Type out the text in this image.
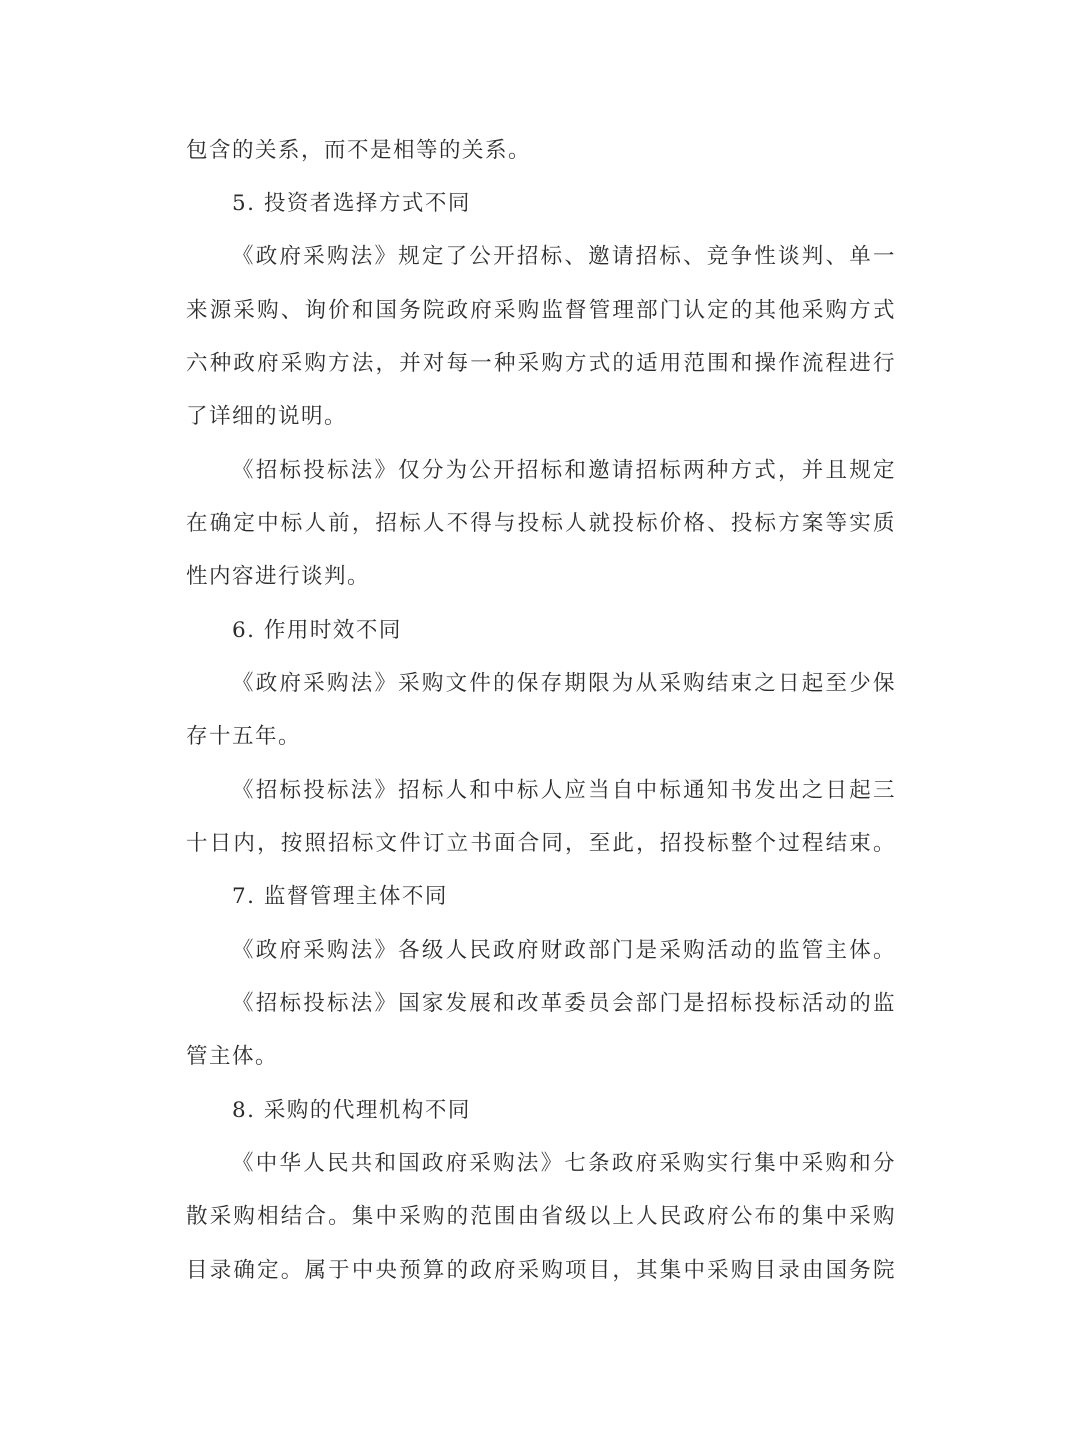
包含的关系，而不是相等的关系。
5. 投资者选择方式不同
《政府采购法》规定了公开招标、邀请招标、竞争性谈判、单一
来源采购、询价和国务院政府采购监督管理部门认定的其他采购方式
六种政府采购方法，并对每一种采购方式的适用范围和操作流程进行
了详细的说明。
《招标投标法》仅分为公开招标和邀请招标两种方式，并且规定
在确定中标人前，招标人不得与投标人就投标价格、投标方案等实质
性内容进行谈判。
6. 作用时效不同
《政府采购法》采购文件的保存期限为从采购结束之日起至少保
存十五年。
《招标投标法》招标人和中标人应当自中标通知书发出之日起三
十日内，按照招标文件订立书面合同，至此，招投标整个过程结束。
7. 监督管理主体不同
《政府采购法》各级人民政府财政部门是采购活动的监管主体。
《招标投标法》国家发展和改革委员会部门是招标投标活动的监
管主体。
8. 采购的代理机构不同
《中华人民共和国政府采购法》七条政府采购实行集中采购和分
散采购相结合。集中采购的范围由省级以上人民政府公布的集中采购
目录确定。属于中央预算的政府采购项目，其集中采购目录由国务院
